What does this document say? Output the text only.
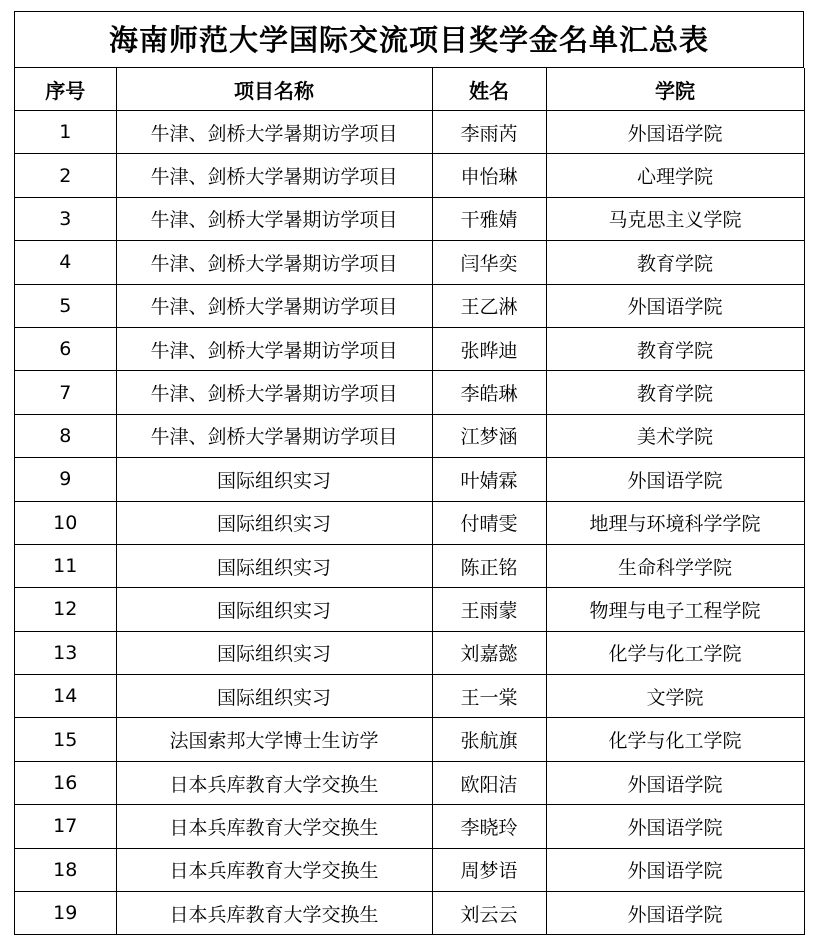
海南师范大学国际交流项目奖学金名单汇总表
序号	项目名称	姓名	学院
1	牛津、剑桥大学暑期访学项目	李雨芮	外国语学院
2	牛津、剑桥大学暑期访学项目	申怡琳	心理学院
3	牛津、剑桥大学暑期访学项目	干雅婧	马克思主义学院
4	牛津、剑桥大学暑期访学项目	闫华奕	教育学院
5	牛津、剑桥大学暑期访学项目	王乙淋	外国语学院
6	牛津、剑桥大学暑期访学项目	张晔迪	教育学院
7	牛津、剑桥大学暑期访学项目	李皓琳	教育学院
8	牛津、剑桥大学暑期访学项目	江梦涵	美术学院
9	国际组织实习	叶婧霖	外国语学院
10	国际组织实习	付晴雯	地理与环境科学学院
11	国际组织实习	陈正铭	生命科学学院
12	国际组织实习	王雨蒙	物理与电子工程学院
13	国际组织实习	刘嘉懿	化学与化工学院
14	国际组织实习	王一棠	文学院
15	法国索邦大学博士生访学	张航旗	化学与化工学院
16	日本兵库教育大学交换生	欧阳洁	外国语学院
17	日本兵库教育大学交换生	李晓玲	外国语学院
18	日本兵库教育大学交换生	周梦语	外国语学院
19	日本兵库教育大学交换生	刘云云	外国语学院
